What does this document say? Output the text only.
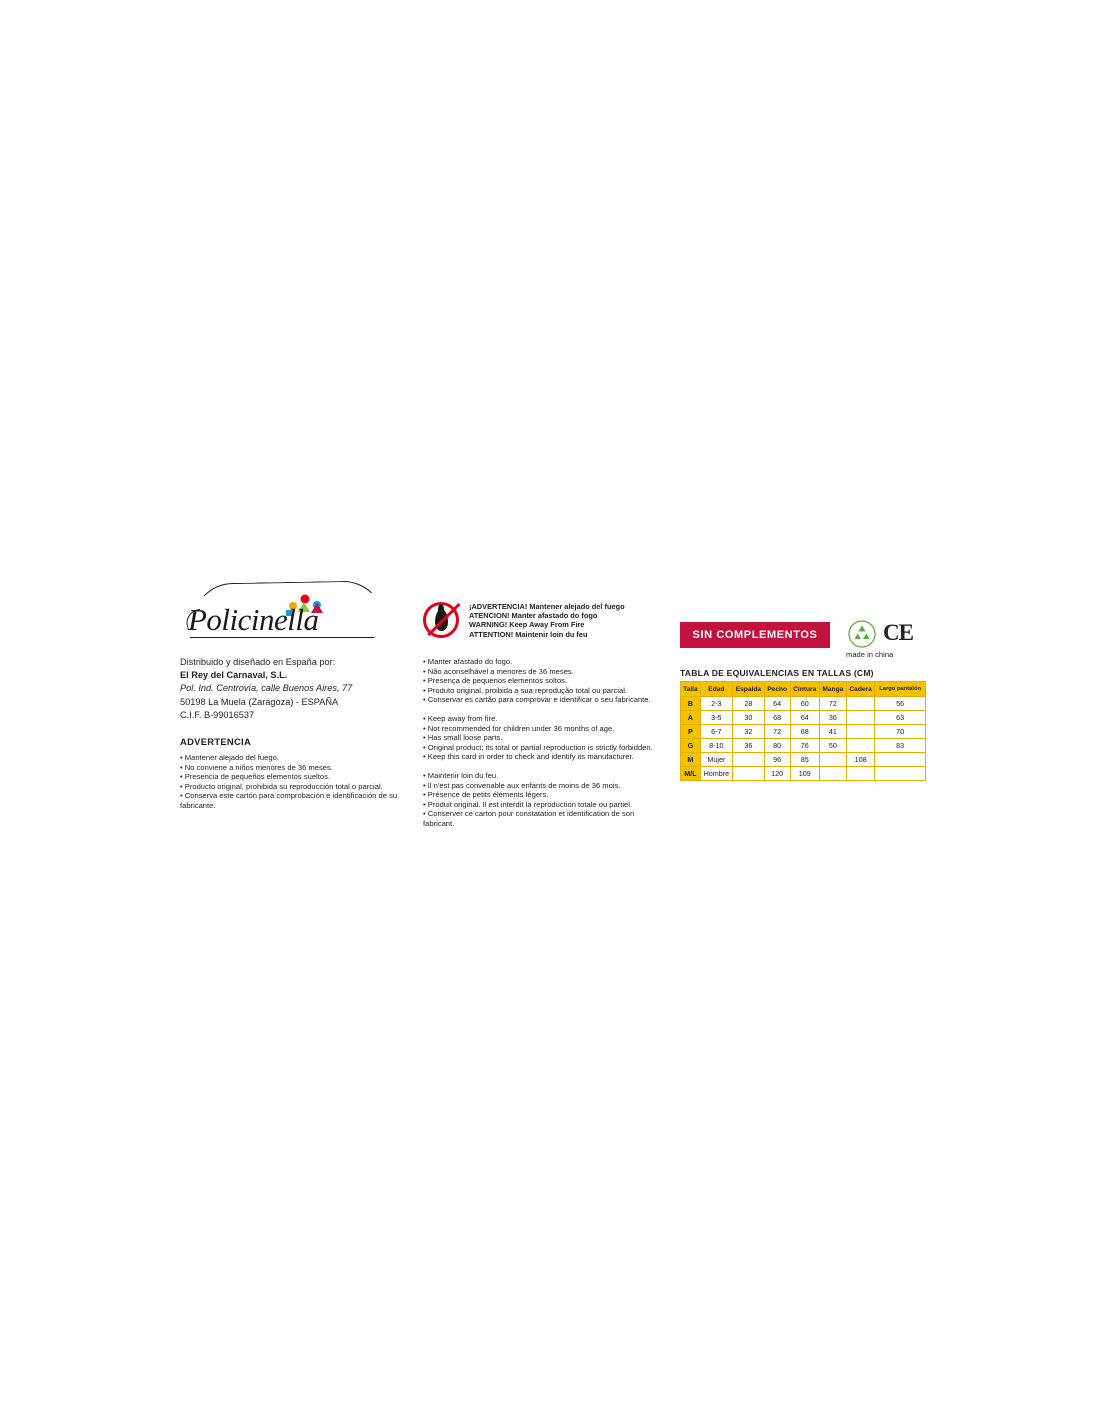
Policinella
Distribuido y diseñado en España por:
El Rey del Carnaval, S.L.
Pol. Ind. Centrovía, calle Buenos Aires, 77
50198 La Muela (Zaragoza) - ESPAÑA
C.I.F. B-99016537
ADVERTENCIA
• Mantener alejado del fuego.
• No conviene a niños menores de 36 meses.
• Presencia de pequeños elementos sueltos.
• Producto original, prohibida su reproducción total o parcial.
• Conserva este cartón para comprobación e identificación de su fabricante.
¡ADVERTENCIA! Mantener alejado del fuego
ATENCION! Manter afastado do fogo
WARNING! Keep Away From Fire
ATTENTION! Maintenir loin du feu
• Manter afastado do fogo.
• Não aconselhável a menores de 36 meses.
• Presença de pequenos elementos soltos.
• Produto original, proibida a sua reprodução total ou parcial.
• Conservar es cartão para comprovar e identificar o seu fabricante.
• Keep away from fire.
• Not recommended for children under 36 months of age.
• Has small loose parts.
• Original product; its total or partial reproduction is strictly forbidden.
• Keep this card in order to check and identify its manufacturer.
• Maintenir loin du feu.
• Il n'est pas convenable aux enfants de moins de 36 mois.
• Présence de petits éléments légers.
• Produit original. Il est interdit la reproduction totale ou partiel.
• Conserver ce carton pour constatation et identification de son fabricant.
SIN COMPLEMENTOS	CE
made in china
TABLA DE EQUIVALENCIAS EN TALLAS (CM)
Talla	Edad	Espalda	Pecho	Cintura	Manga	Cadera	Largo pantalón
B	2-3	28	64	60	72		56
A	3-5	30	68	64	36		63
P	6-7	32	72	68	41		70
G	8-10	36	80	76	50		83
M	Mujer		96	85		108	
M/L	Hombre		120	109			
